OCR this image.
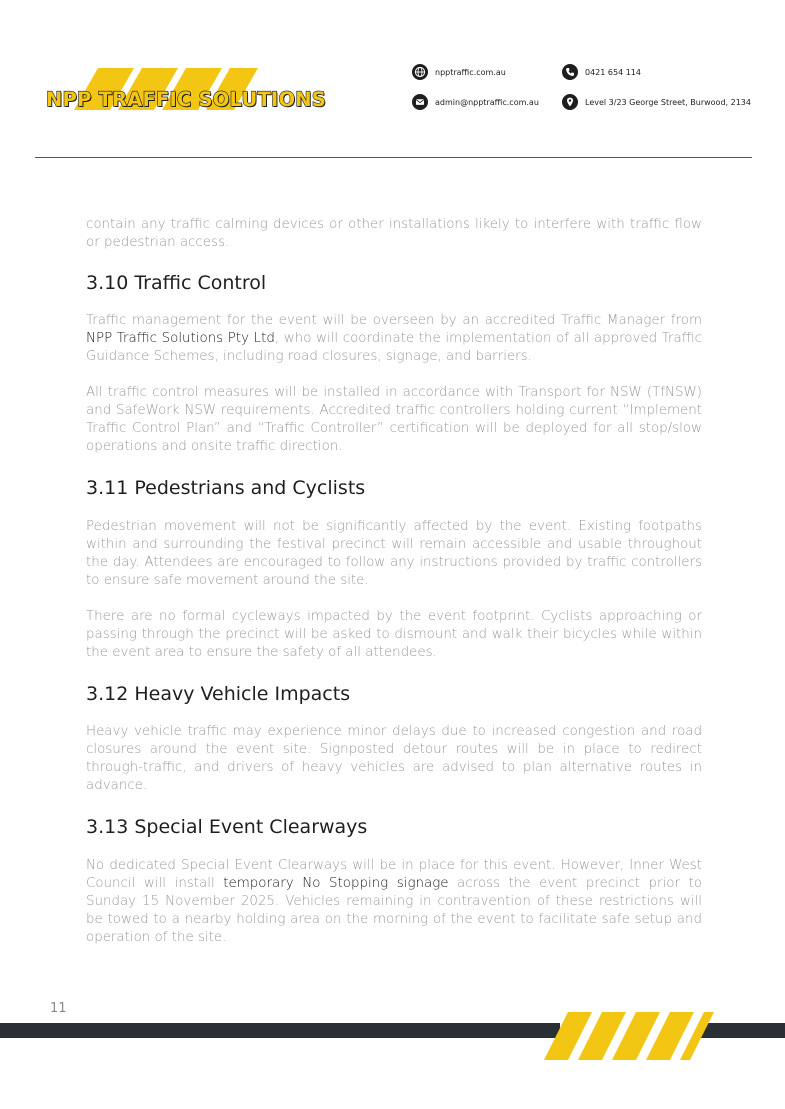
NPP TRAFFIC SOLUTIONS
npptraffic.com.au	0421 654 114
admin@npptraffic.com.au	Level 3/23 George Street, Burwood, 2134

contain any traffic calming devices or other installations likely to interfere with traffic flow or pedestrian access.

3.10 Traffic Control

Traffic management for the event will be overseen by an accredited Traffic Manager from NPP Traffic Solutions Pty Ltd, who will coordinate the implementation of all approved Traffic Guidance Schemes, including road closures, signage, and barriers.

All traffic control measures will be installed in accordance with Transport for NSW (TfNSW) and SafeWork NSW requirements. Accredited traffic controllers holding current “Implement Traffic Control Plan” and “Traffic Controller” certification will be deployed for all stop/slow operations and onsite traffic direction.

3.11 Pedestrians and Cyclists

Pedestrian movement will not be significantly affected by the event. Existing footpaths within and surrounding the festival precinct will remain accessible and usable throughout the day. Attendees are encouraged to follow any instructions provided by traffic controllers to ensure safe movement around the site.

There are no formal cycleways impacted by the event footprint. Cyclists approaching or passing through the precinct will be asked to dismount and walk their bicycles while within the event area to ensure the safety of all attendees.

3.12 Heavy Vehicle Impacts

Heavy vehicle traffic may experience minor delays due to increased congestion and road closures around the event site. Signposted detour routes will be in place to redirect through-traffic, and drivers of heavy vehicles are advised to plan alternative routes in advance.

3.13 Special Event Clearways

No dedicated Special Event Clearways will be in place for this event. However, Inner West Council will install temporary No Stopping signage across the event precinct prior to Sunday 15 November 2025. Vehicles remaining in contravention of these restrictions will be towed to a nearby holding area on the morning of the event to facilitate safe setup and operation of the site.

11
